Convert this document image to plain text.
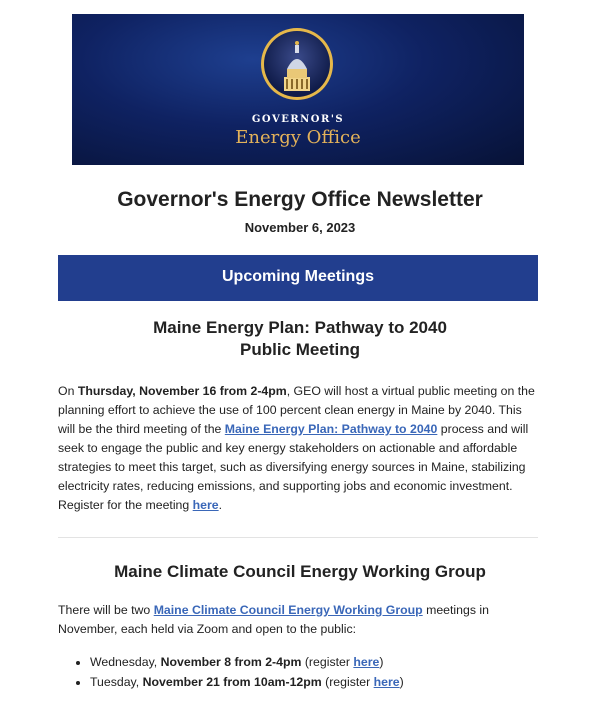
GOVERNOR'S
Energy Office
Governor's Energy Office Newsletter
November 6, 2023
Upcoming Meetings
Maine Energy Plan: Pathway to 2040
Public Meeting
On Thursday, November 16 from 2-4pm, GEO will host a virtual public meeting on the planning effort to achieve the use of 100 percent clean energy in Maine by 2040. This will be the third meeting of the Maine Energy Plan: Pathway to 2040 process and will seek to engage the public and key energy stakeholders on actionable and affordable strategies to meet this target, such as diversifying energy sources in Maine, stabilizing electricity rates, reducing emissions, and supporting jobs and economic investment. Register for the meeting here.
Maine Climate Council Energy Working Group
There will be two Maine Climate Council Energy Working Group meetings in November, each held via Zoom and open to the public:
• Wednesday, November 8 from 2-4pm (register here)
• Tuesday, November 21 from 10am-12pm (register here)
